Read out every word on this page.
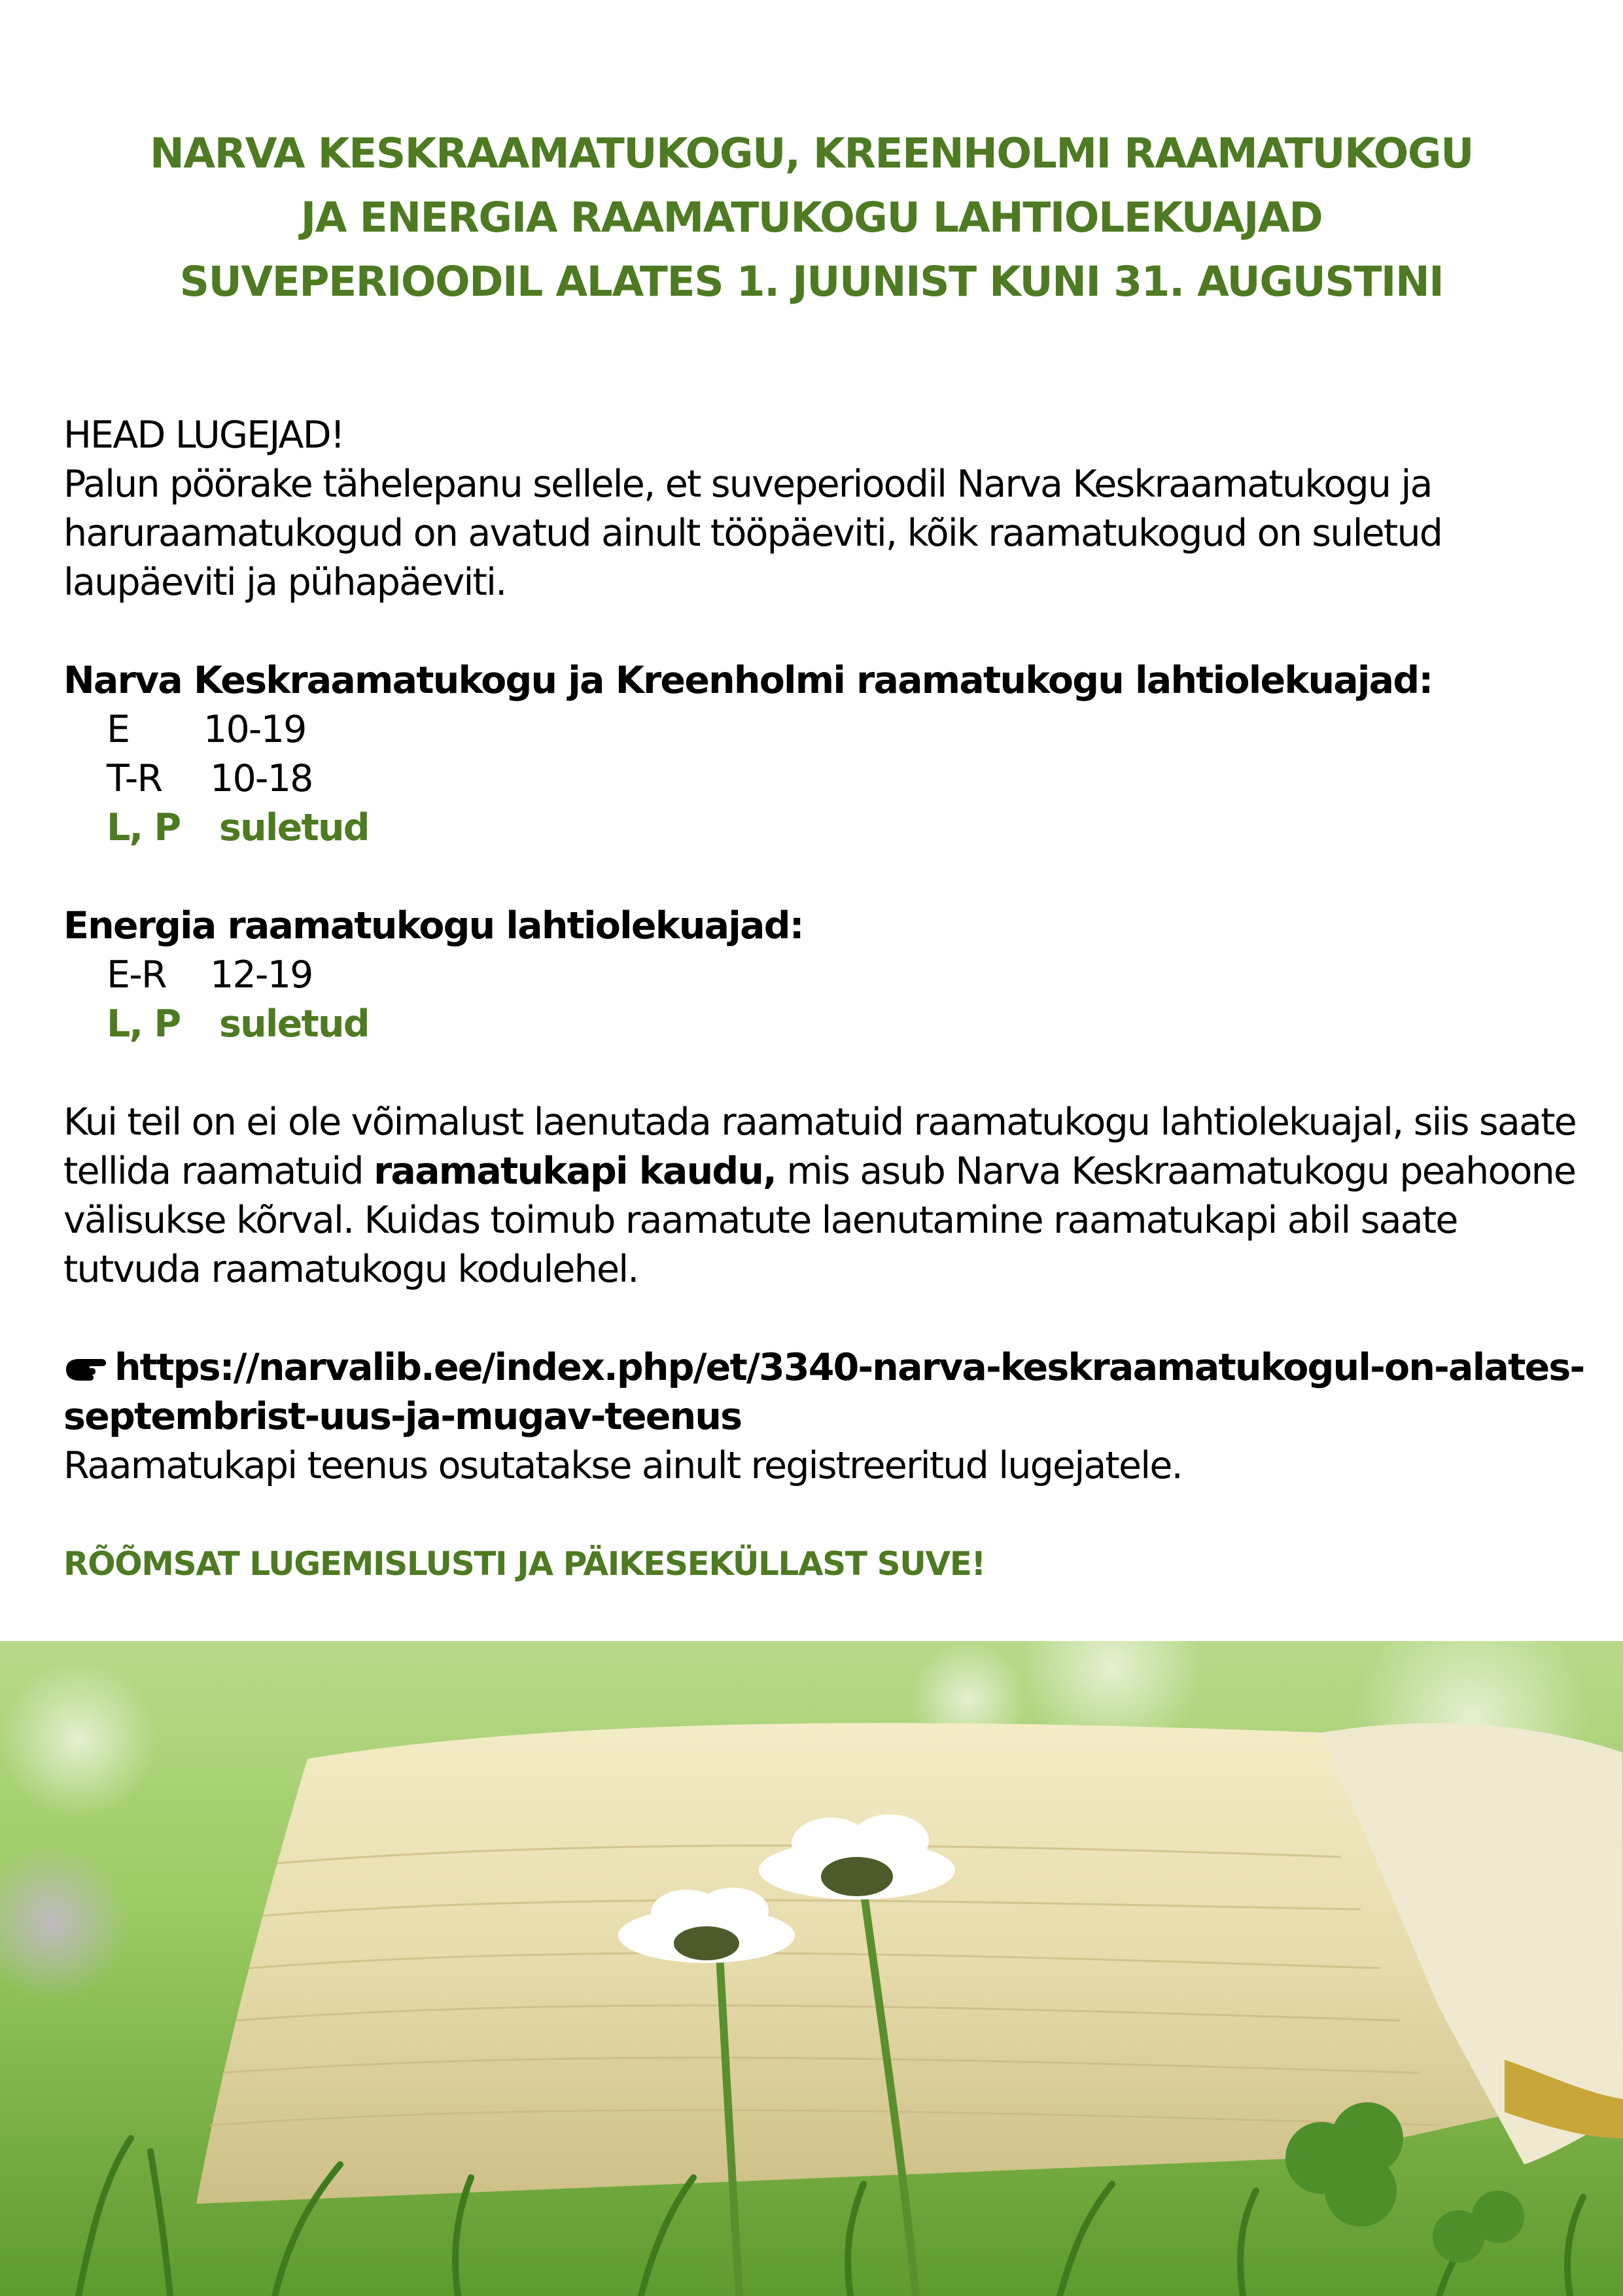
NARVA KESKRAAMATUKOGU, KREENHOLMI RAAMATUKOGU
JA ENERGIA RAAMATUKOGU LAHTIOLEKUAJAD
SUVEPERIOODIL ALATES 1. JUUNIST KUNI 31. AUGUSTINI

HEAD LUGEJAD!

Palun pöörake tähelepanu sellele, et suveperioodil Narva Keskraamatukogu ja haruraamatukogud on avatud ainult tööpäeviti, kõik raamatukogud on suletud laupäeviti ja pühapäeviti.

Narva Keskraamatukogu ja Kreenholmi raamatukogu lahtiolekuajad:

E	10-19
T-R	10-18
L, P	suletud

Energia raamatukogu lahtiolekuajad:

E-R	12-19
L, P	suletud

Kui teil on ei ole võimalust laenutada raamatuid raamatukogu lahtiolekuajal, siis saate tellida raamatuid raamatukapi kaudu, mis asub Narva Keskraamatukogu peahoone välisukse kõrval. Kuidas toimub raamatute laenutamine raamatukapi abil saate tutvuda raamatukogu kodulehel.

https://narvalib.ee/index.php/et/3340-narva-keskraamatukogul-on-alates-septembrist-uus-ja-mugav-teenus

Raamatukapi teenus osutatakse ainult registreeritud lugejatele.

RÕÕMSAT LUGEMISLUSTI JA PÄIKESEKÜLLAST SUVE!
